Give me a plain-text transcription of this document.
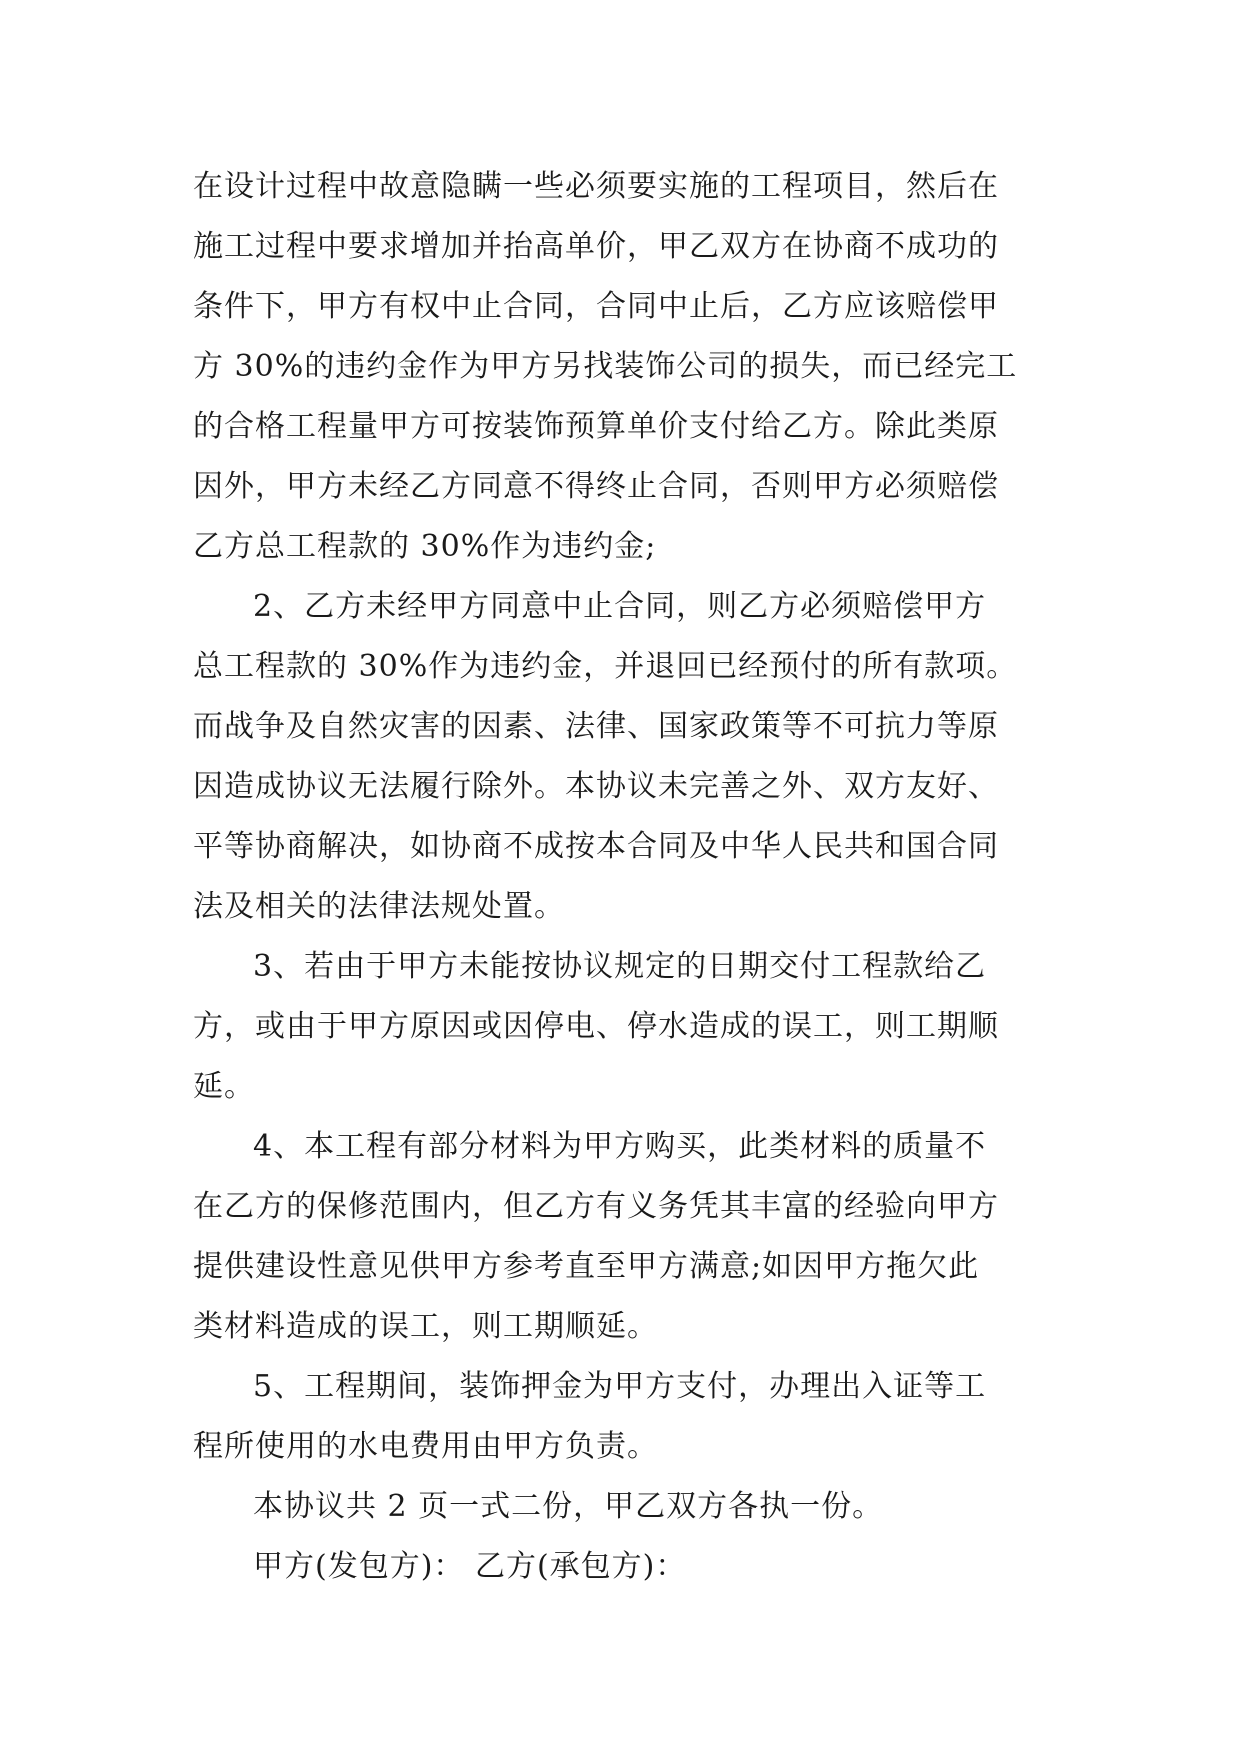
在设计过程中故意隐瞒一些必须要实施的工程项目，然后在
施工过程中要求增加并抬高单价，甲乙双方在协商不成功的
条件下，甲方有权中止合同，合同中止后，乙方应该赔偿甲
方 30%的违约金作为甲方另找装饰公司的损失，而已经完工
的合格工程量甲方可按装饰预算单价支付给乙方。除此类原
因外，甲方未经乙方同意不得终止合同，否则甲方必须赔偿
乙方总工程款的 30%作为违约金;
2、乙方未经甲方同意中止合同，则乙方必须赔偿甲方
总工程款的 30%作为违约金，并退回已经预付的所有款项。
而战争及自然灾害的因素、法律、国家政策等不可抗力等原
因造成协议无法履行除外。本协议未完善之外、双方友好、
平等协商解决，如协商不成按本合同及中华人民共和国合同
法及相关的法律法规处置。
3、若由于甲方未能按协议规定的日期交付工程款给乙
方，或由于甲方原因或因停电、停水造成的误工，则工期顺
延。
4、本工程有部分材料为甲方购买，此类材料的质量不
在乙方的保修范围内，但乙方有义务凭其丰富的经验向甲方
提供建设性意见供甲方参考直至甲方满意;如因甲方拖欠此
类材料造成的误工，则工期顺延。
5、工程期间，装饰押金为甲方支付，办理出入证等工
程所使用的水电费用由甲方负责。
本协议共 2 页一式二份，甲乙双方各执一份。
甲方(发包方)： 乙方(承包方)：
